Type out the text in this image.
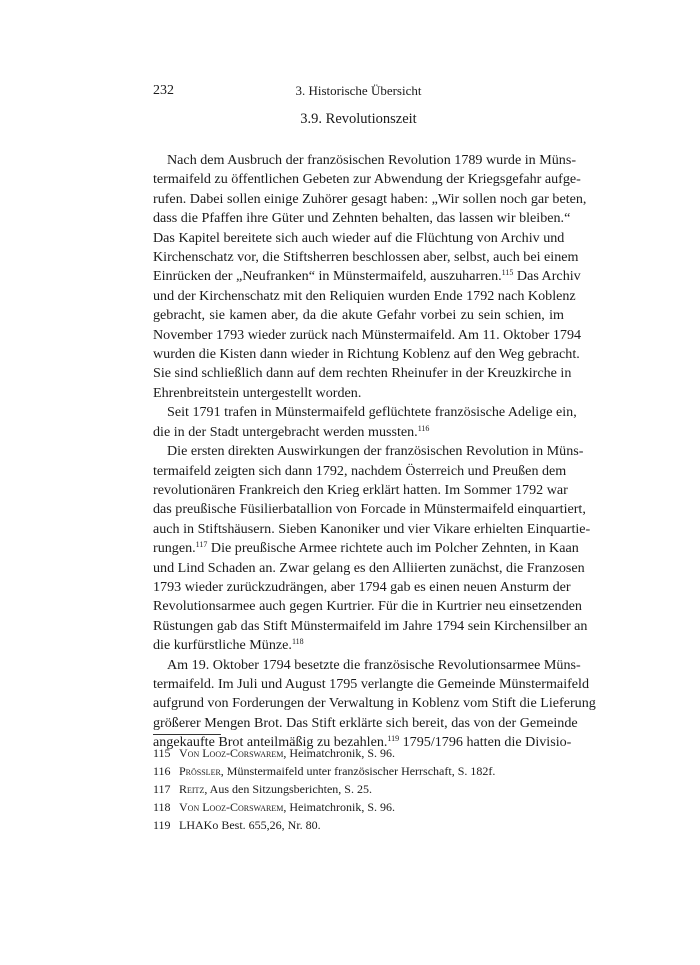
232	3. Historische Übersicht
3.9. Revolutionszeit
Nach dem Ausbruch der französischen Revolution 1789 wurde in Müns-
termaifeld zu öffentlichen Gebeten zur Abwendung der Kriegsgefahr aufge-
rufen. Dabei sollen einige Zuhörer gesagt haben: „Wir sollen noch gar beten,
dass die Pfaffen ihre Güter und Zehnten behalten, das lassen wir bleiben.“
Das Kapitel bereitete sich auch wieder auf die Flüchtung von Archiv und
Kirchenschatz vor, die Stiftsherren beschlossen aber, selbst, auch bei einem
Einrücken der „Neufranken“ in Münstermaifeld, auszuharren.$^{115}$ Das Archiv
und der Kirchenschatz mit den Reliquien wurden Ende 1792 nach Koblenz
gebracht, sie kamen aber, da die akute Gefahr vorbei zu sein schien, im
November 1793 wieder zurück nach Münstermaifeld. Am 11. Oktober 1794
wurden die Kisten dann wieder in Richtung Koblenz auf den Weg gebracht.
Sie sind schließlich dann auf dem rechten Rheinufer in der Kreuzkirche in
Ehrenbreitstein untergestellt worden.
Seit 1791 trafen in Münstermaifeld geflüchtete französische Adelige ein,
die in der Stadt untergebracht werden mussten.$^{116}$
Die ersten direkten Auswirkungen der französischen Revolution in Müns-
termaifeld zeigten sich dann 1792, nachdem Österreich und Preußen dem
revolutionären Frankreich den Krieg erklärt hatten. Im Sommer 1792 war
das preußische Füsilierbatallion von Forcade in Münstermaifeld einquartiert,
auch in Stiftshäusern. Sieben Kanoniker und vier Vikare erhielten Einquartie-
rungen.$^{117}$ Die preußische Armee richtete auch im Polcher Zehnten, in Kaan
und Lind Schaden an. Zwar gelang es den Alliierten zunächst, die Franzosen
1793 wieder zurückzudrängen, aber 1794 gab es einen neuen Ansturm der
Revolutionsarmee auch gegen Kurtrier. Für die in Kurtrier neu einsetzenden
Rüstungen gab das Stift Münstermaifeld im Jahre 1794 sein Kirchensilber an
die kurfürstliche Münze.$^{118}$
Am 19. Oktober 1794 besetzte die französische Revolutionsarmee Müns-
termaifeld. Im Juli und August 1795 verlangte die Gemeinde Münstermaifeld
aufgrund von Forderungen der Verwaltung in Koblenz vom Stift die Lieferung
größerer Mengen Brot. Das Stift erklärte sich bereit, das von der Gemeinde
angekaufte Brot anteilmäßig zu bezahlen.$^{119}$ 1795/1796 hatten die Divisio-
115 Von Looz-Corswarem, Heimatchronik, S. 96.
116 Prössler, Münstermaifeld unter französischer Herrschaft, S. 182f.
117 Reitz, Aus den Sitzungsberichten, S. 25.
118 Von Looz-Corswarem, Heimatchronik, S. 96.
119 LHAKo Best. 655,26, Nr. 80.
